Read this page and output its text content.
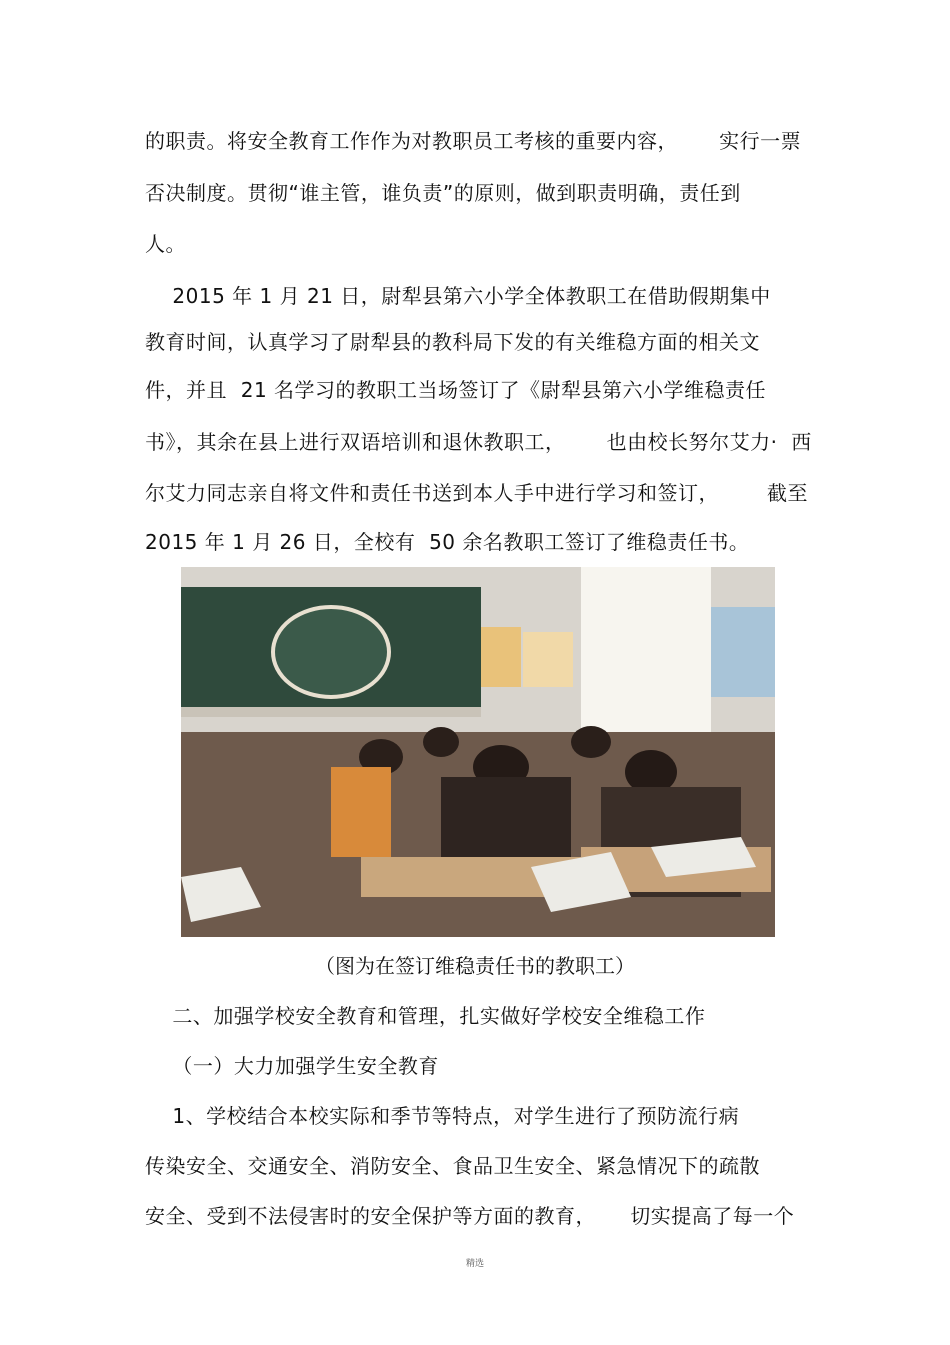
的职责。将安全教育工作作为对教职员工考核的重要内容，      实行一票
否决制度。贯彻“谁主管，谁负责”的原则，做到职责明确，责任到
人。
2015 年 1 月 21 日，尉犁县第六小学全体教职工在借助假期集中
教育时间，认真学习了尉犁县的教科局下发的有关维稳方面的相关文
件，并且  21 名学习的教职工当场签订了《尉犁县第六小学维稳责任
书》，其余在县上进行双语培训和退休教职工，      也由校长努尔艾力·  西
尔艾力同志亲自将文件和责任书送到本人手中进行学习和签订，       截至
2015 年 1 月 26 日，全校有  50 余名教职工签订了维稳责任书。
（图为在签订维稳责任书的教职工）
二、加强学校安全教育和管理，扎实做好学校安全维稳工作
（一）大力加强学生安全教育
1、学校结合本校实际和季节等特点，对学生进行了预防流行病
传染安全、交通安全、消防安全、食品卫生安全、紧急情况下的疏散
安全、受到不法侵害时的安全保护等方面的教育，     切实提高了每一个
精选
